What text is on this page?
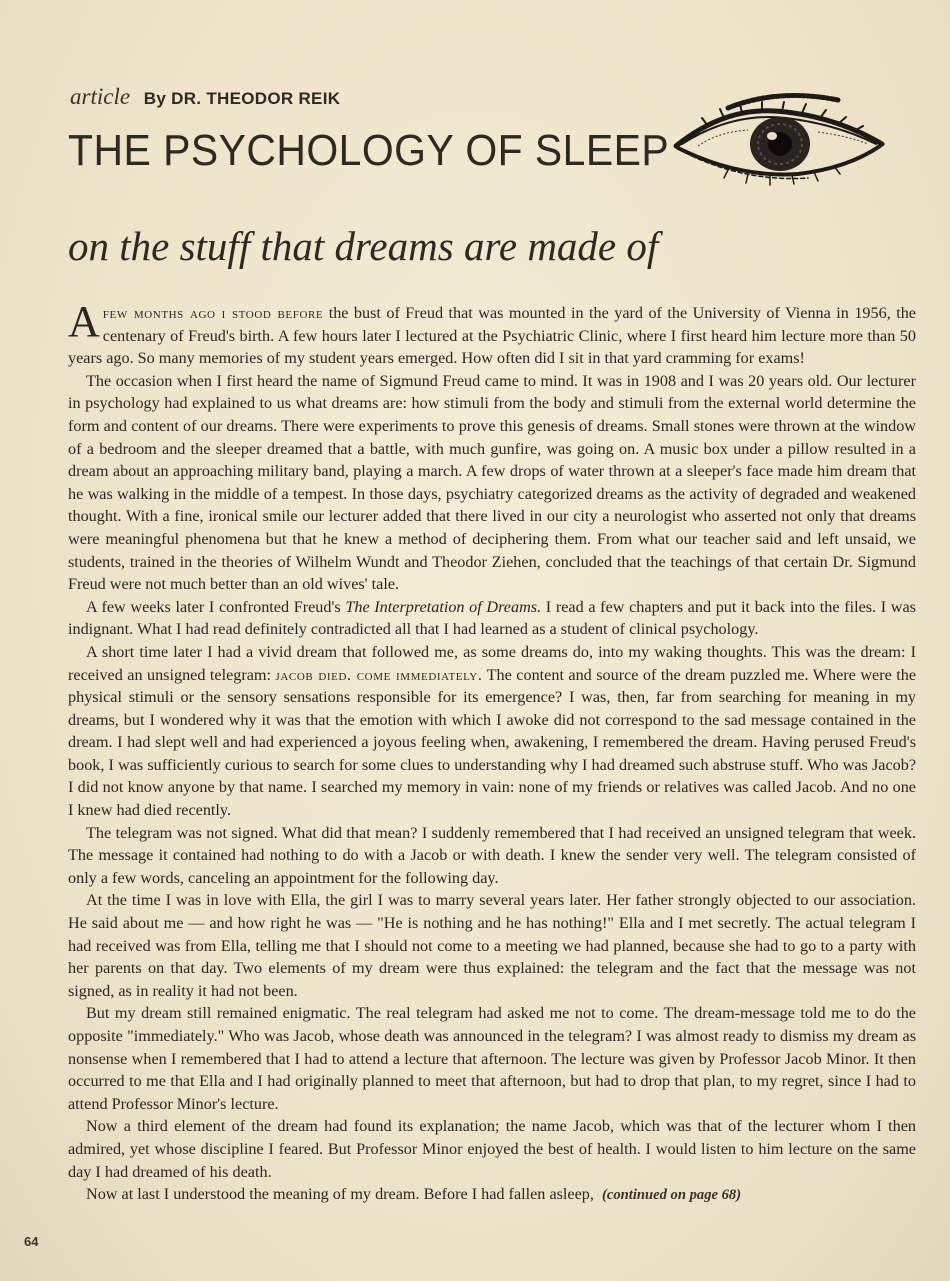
article By DR. THEODOR REIK
THE PSYCHOLOGY OF SLEEP
on the stuff that dreams are made of

Afew months ago i stood before the bust of Freud that was mounted in the yard of the University of Vienna in 1956, the centenary of Freud's birth. A few hours later I lectured at the Psychiatric Clinic, where I first heard him lecture more than 50 years ago. So many memories of my student years emerged. How often did I sit in that yard cramming for exams!

The occasion when I first heard the name of Sigmund Freud came to mind. It was in 1908 and I was 20 years old. Our lecturer in psychology had explained to us what dreams are: how stimuli from the body and stimuli from the external world determine the form and content of our dreams. There were experiments to prove this genesis of dreams. Small stones were thrown at the window of a bedroom and the sleeper dreamed that a battle, with much gunfire, was going on. A music box under a pillow resulted in a dream about an approaching military band, playing a march. A few drops of water thrown at a sleeper's face made him dream that he was walking in the middle of a tempest. In those days, psychiatry categorized dreams as the activity of degraded and weakened thought. With a fine, ironical smile our lecturer added that there lived in our city a neurologist who asserted not only that dreams were meaningful phenomena but that he knew a method of deciphering them. From what our teacher said and left unsaid, we students, trained in the theories of Wilhelm Wundt and Theodor Ziehen, concluded that the teachings of that certain Dr. Sigmund Freud were not much better than an old wives' tale.

A few weeks later I confronted Freud's The Interpretation of Dreams. I read a few chapters and put it back into the files. I was indignant. What I had read definitely contradicted all that I had learned as a student of clinical psychology.

A short time later I had a vivid dream that followed me, as some dreams do, into my waking thoughts. This was the dream: I received an unsigned telegram: jacob died. come immediately. The content and source of the dream puzzled me. Where were the physical stimuli or the sensory sensations responsible for its emergence? I was, then, far from searching for meaning in my dreams, but I wondered why it was that the emotion with which I awoke did not correspond to the sad message contained in the dream. I had slept well and had experienced a joyous feeling when, awakening, I remembered the dream. Having perused Freud's book, I was sufficiently curious to search for some clues to understanding why I had dreamed such abstruse stuff. Who was Jacob? I did not know anyone by that name. I searched my memory in vain: none of my friends or relatives was called Jacob. And no one I knew had died recently.

The telegram was not signed. What did that mean? I suddenly remembered that I had received an unsigned telegram that week. The message it contained had nothing to do with a Jacob or with death. I knew the sender very well. The telegram consisted of only a few words, canceling an appointment for the following day.

At the time I was in love with Ella, the girl I was to marry several years later. Her father strongly objected to our association. He said about me — and how right he was — "He is nothing and he has nothing!" Ella and I met secretly. The actual telegram I had received was from Ella, telling me that I should not come to a meeting we had planned, because she had to go to a party with her parents on that day. Two elements of my dream were thus explained: the telegram and the fact that the message was not signed, as in reality it had not been.

But my dream still remained enigmatic. The real telegram had asked me not to come. The dream-message told me to do the opposite "immediately." Who was Jacob, whose death was announced in the telegram? I was almost ready to dismiss my dream as nonsense when I remembered that I had to attend a lecture that afternoon. The lecture was given by Professor Jacob Minor. It then occurred to me that Ella and I had originally planned to meet that afternoon, but had to drop that plan, to my regret, since I had to attend Professor Minor's lecture.

Now a third element of the dream had found its explanation; the name Jacob, which was that of the lecturer whom I then admired, yet whose discipline I feared. But Professor Minor enjoyed the best of health. I would listen to him lecture on the same day I had dreamed of his death.

Now at last I understood the meaning of my dream. Before I had fallen asleep, (continued on page 68)

64
